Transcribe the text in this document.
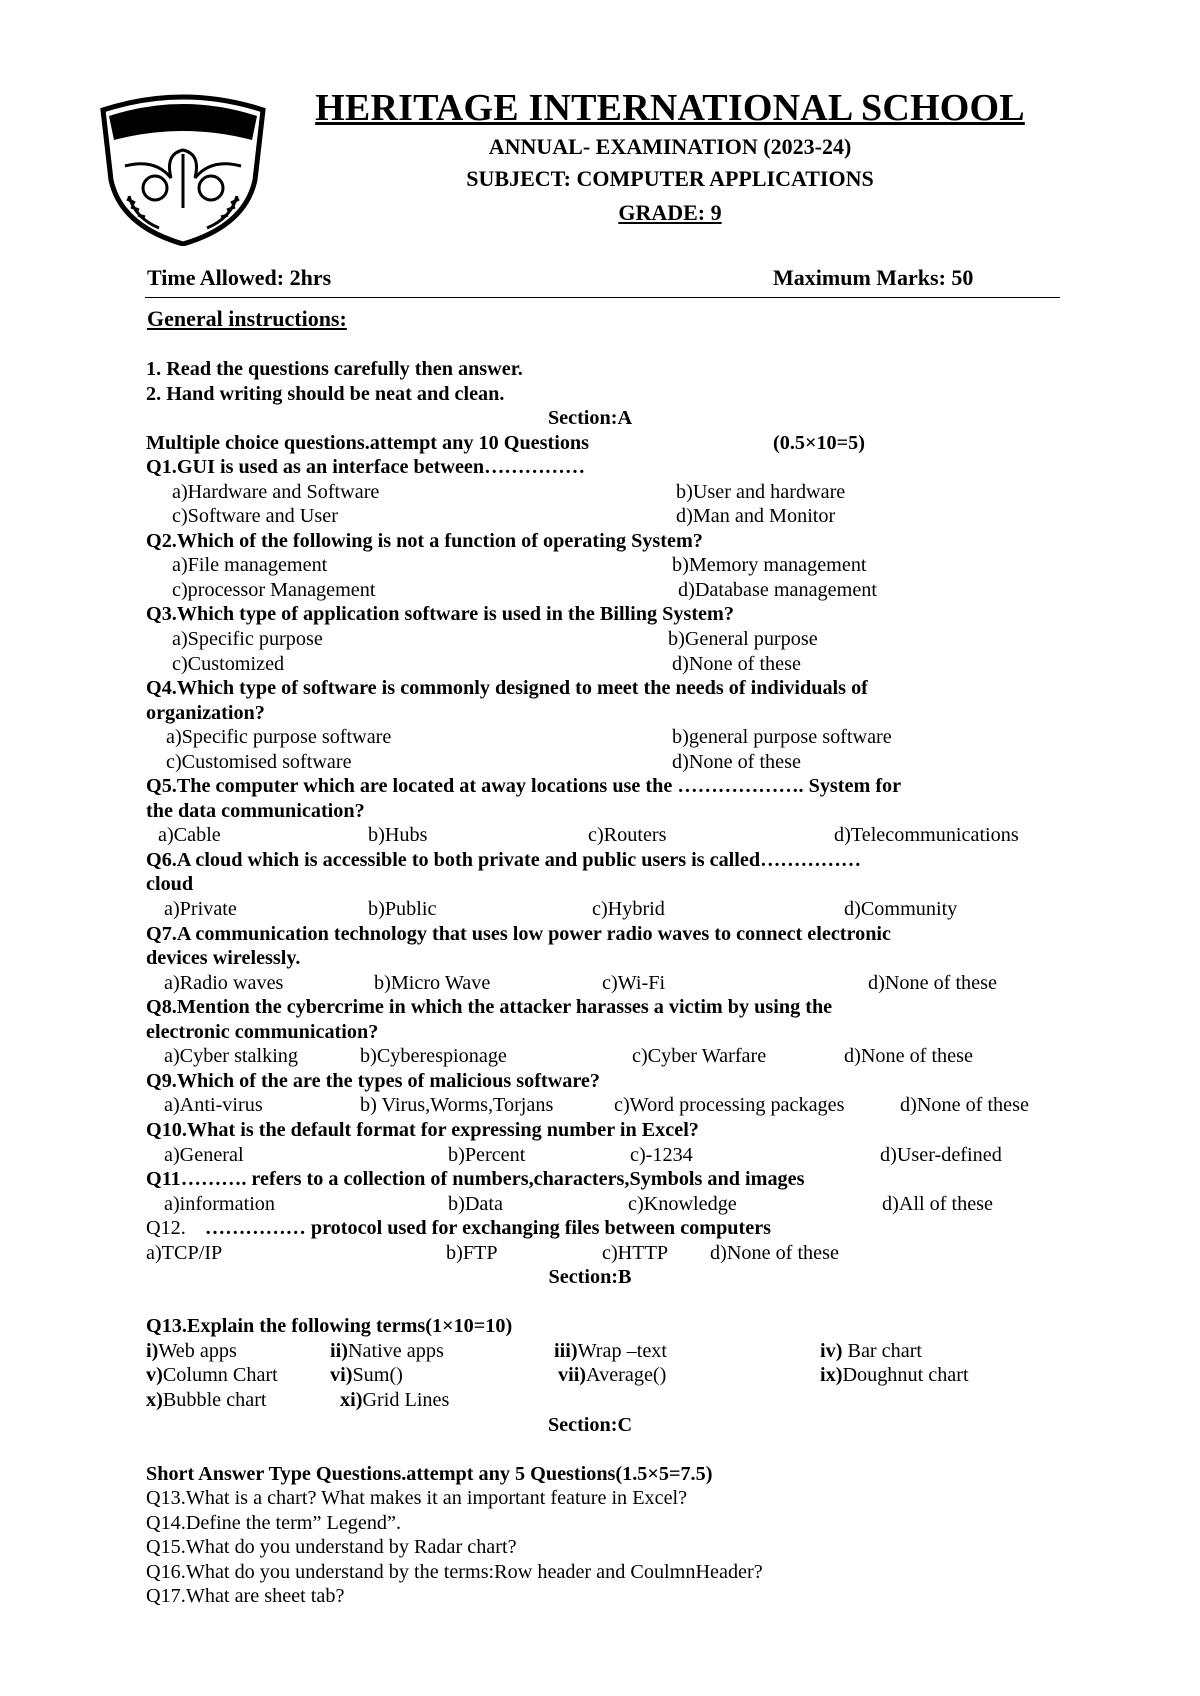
HERITAGE INTERNATIONAL SCHOOL
ANNUAL- EXAMINATION (2023-24)
SUBJECT: COMPUTER APPLICATIONS
GRADE: 9
Time Allowed: 2hrs	Maximum Marks: 50
General instructions:
1. Read the questions carefully then answer.
2. Hand writing should be neat and clean.
Section:A
Multiple choice questions.attempt any 10 Questions	(0.5×10=5)
Q1.GUI is used as an interface between……………
a)Hardware and Software	b)User and hardware
c)Software and User	d)Man and Monitor
Q2.Which of the following is not a function of operating System?
a)File management	b)Memory management
c)processor Management	d)Database management
Q3.Which type of application software is used in the Billing System?
a)Specific purpose	b)General purpose
c)Customized	d)None of these
Q4.Which type of software is commonly designed to meet the needs of individuals of
organization?
a)Specific purpose software	b)general purpose software
c)Customised software	d)None of these
Q5.The computer which are located at away locations use the ………………. System for
the data communication?
a)Cable	b)Hubs	c)Routers	d)Telecommunications
Q6.A cloud which is accessible to both private and public users is called……………
cloud
a)Private	b)Public	c)Hybrid	d)Community
Q7.A communication technology that uses low power radio waves to connect electronic
devices wirelessly.
a)Radio waves	b)Micro Wave	c)Wi-Fi	d)None of these
Q8.Mention the cybercrime in which the attacker harasses a victim by using the
electronic communication?
a)Cyber stalking	b)Cyberespionage	c)Cyber Warfare	d)None of these
Q9.Which of the are the types of malicious software?
a)Anti-virus	b) Virus,Worms,Torjans	c)Word processing packages	d)None of these
Q10.What is the default format for expressing number in Excel?
a)General	b)Percent	c)-1234	d)User-defined
Q11………. refers to a collection of numbers,characters,Symbols and images
a)information	b)Data	c)Knowledge	d)All of these
Q12. …………… protocol used for exchanging files between computers
a)TCP/IP	b)FTP	c)HTTP d)None of these
Section:B
Q13.Explain the following terms(1×10=10)
i)Web apps	ii)Native apps	iii)Wrap –text	iv) Bar chart
v)Column Chart	vi)Sum()	vii)Average()	ix)Doughnut chart
x)Bubble chart	xi)Grid Lines
Section:C
Short Answer Type Questions.attempt any 5 Questions(1.5×5=7.5)
Q13.What is a chart? What makes it an important feature in Excel?
Q14.Define the term” Legend”.
Q15.What do you understand by Radar chart?
Q16.What do you understand by the terms:Row header and CoulmnHeader?
Q17.What are sheet tab?
